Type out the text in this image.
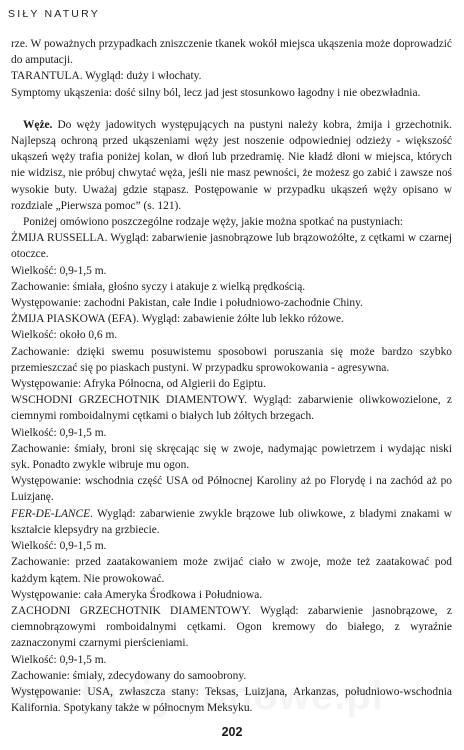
SIŁY NATURY

rze. W poważnych przypadkach zniszczenie tkanek wokół miejsca ukąszenia może doprowadzić do amputacji.

TARANTULA. Wygląd: duży i włochaty.

Symptomy ukąszenia: dość silny ból, lecz jad jest stosunkowo łagodny i nie obezwładnia.

Węże. Do węży jadowitych występujących na pustyni należy kobra, żmija i grzechotnik. Najlepszą ochroną przed ukąszeniami węży jest noszenie odpowiedniej odzieży - większość ukąszeń węży trafia poniżej kolan, w dłoń lub przedramię. Nie kładź dłoni w miejsca, których nie widzisz, nie próbuj chwytać węża, jeśli nie masz pewności, że możesz go zabić i zawsze noś wysokie buty. Uważaj gdzie stąpasz. Postępowanie w przypadku ukąszeń węży opisano w rozdziale „Pierwsza pomoc” (s. 121).

Poniżej omówiono poszczególne rodzaje węży, jakie można spotkać na pustyniach:

ŻMIJA RUSSELLA. Wygląd: zabarwienie jasnobrązowe lub brązowożółte, z cętkami w czarnej otoczce.

Wielkość: 0,9-1,5 m.

Zachowanie: śmiała, głośno syczy i atakuje z wielką prędkością.

Występowanie: zachodni Pakistan, całe Indie i południowo-zachodnie Chiny.

ŻMIJA PIASKOWA (EFA). Wygląd: zabawienie żółte lub lekko różowe.

Wielkość: około 0,6 m.

Zachowanie: dzięki swemu posuwistemu sposobowi poruszania się może bardzo szybko przemieszczać się po piaskach pustyni. W przypadku sprowokowania - agresywna.

Występowanie: Afryka Północna, od Algierii do Egiptu.

WSCHODNI GRZECHOTNIK DIAMENTOWY. Wygląd: zabarwienie oliwkowozielone, z ciemnymi romboidalnymi cętkami o białych lub żółtych brzegach.

Wielkość: 0,9-1,5 m.

Zachowanie: śmiały, broni się skręcając się w zwoje, nadymając powietrzem i wydając niski syk. Ponadto zwykle wibruje mu ogon.

Występowanie: wschodnia część USA od Północnej Karoliny aż po Florydę i na zachód aż po Luizjanę.

FER-DE-LANCE. Wygląd: zabarwienie zwykle brązowe lub oliwkowe, z bladymi znakami w kształcie klepsydry na grzbiecie.

Wielkość: 0,9-1,5 m.

Zachowanie: przed zaatakowaniem może zwijać ciało w zwoje, może też zaatakować pod każdym kątem. Nie prowokować.

Występowanie: cała Ameryka Środkowa i Południowa.

ZACHODNI GRZECHOTNIK DIAMENTOWY. Wygląd: zabarwienie jasnobrązowe, z ciemnobrązowymi romboidalnymi cętkami. Ogon kremowy do białego, z wyraźnie zaznaczonymi czarnymi pierścieniami.

Wielkość: 0,9-1,5 m.

Zachowanie: śmiały, zdecydowany do samoobrony.

Występowanie: USA, zwłaszcza stany: Teksas, Luizjana, Arkanzas, południowo-wschodnia Kalifornia. Spotykany także w północnym Meksyku.

202
